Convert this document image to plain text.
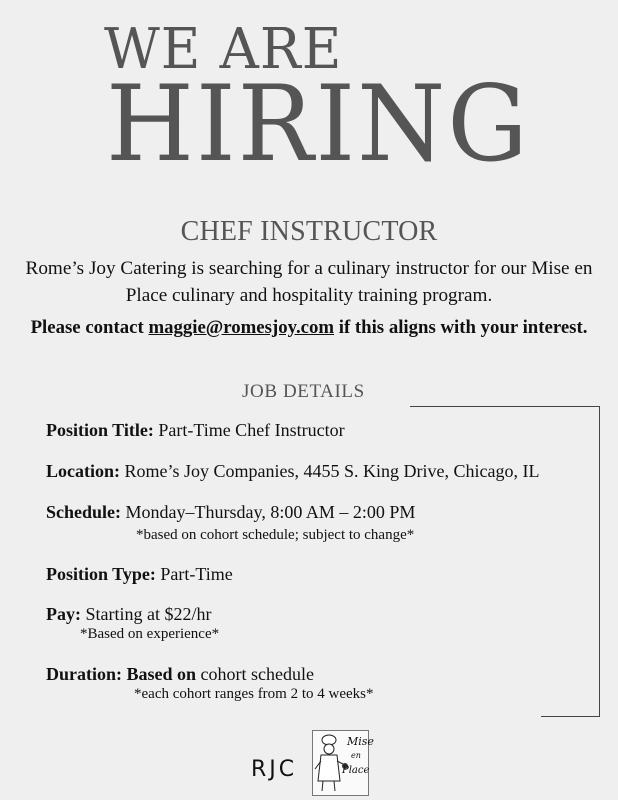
WE ARE
HIRING
CHEF INSTRUCTOR
Rome’s Joy Catering is searching for a culinary instructor for our Mise en Place culinary and hospitality training program.
Please contact maggie@romesjoy.com if this aligns with your interest.
JOB DETAILS
Position Title: Part-Time Chef Instructor
Location: Rome’s Joy Companies, 4455 S. King Drive, Chicago, IL
Schedule: Monday–Thursday, 8:00 AM – 2:00 PM
*based on cohort schedule; subject to change*
Position Type: Part-Time
Pay: Starting at $22/hr
*Based on experience*
Duration: Based on cohort schedule
*each cohort ranges from 2 to 4 weeks*
RJC
Mise
en
Place
